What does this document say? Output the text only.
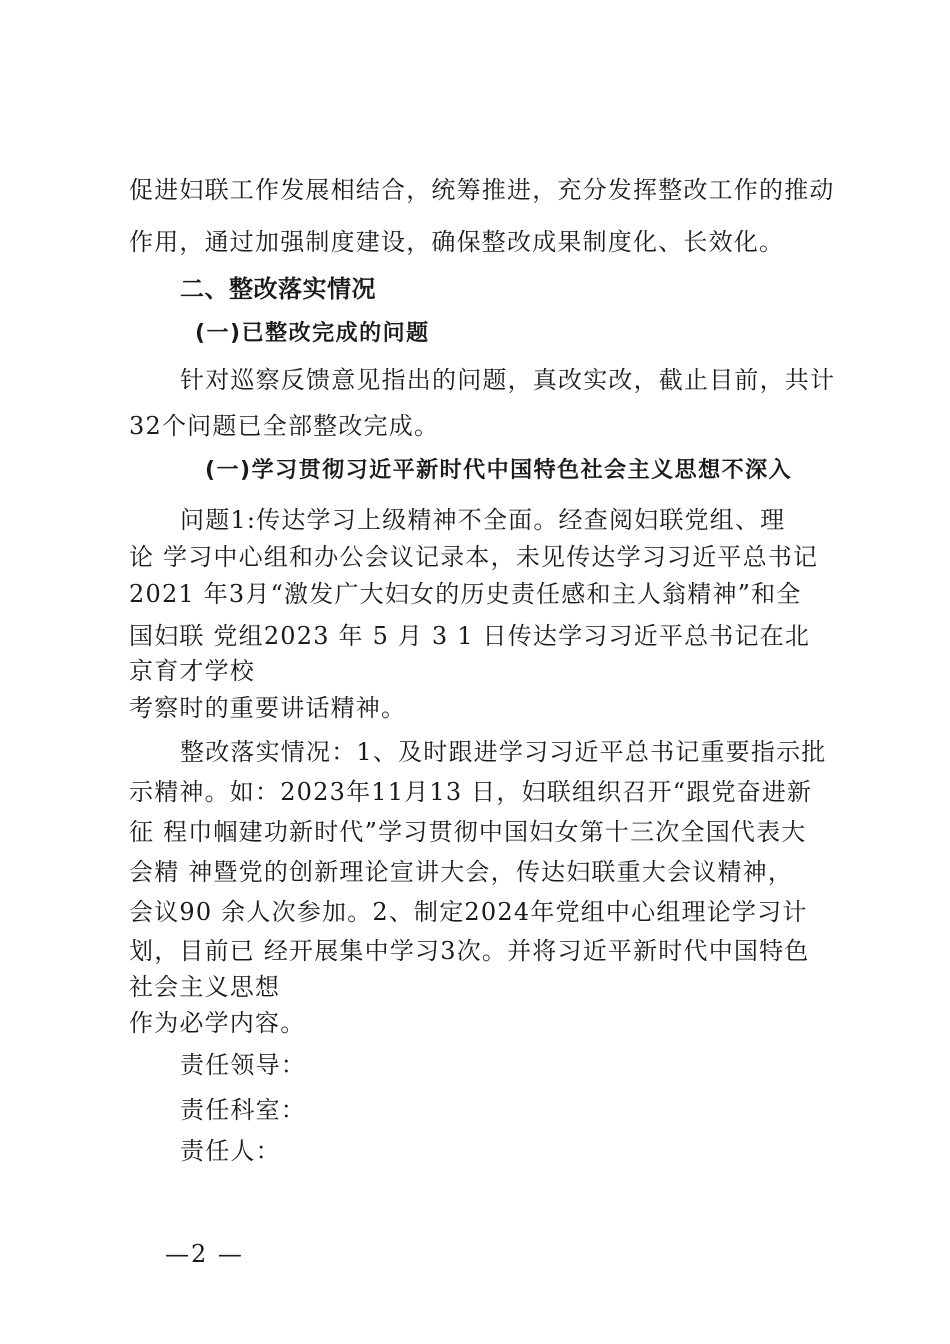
促进妇联工作发展相结合，统筹推进，充分发挥整改工作的推动
作用，通过加强制度建设，确保整改成果制度化、长效化。
二、整改落实情况
(一)已整改完成的问题
针对巡察反馈意见指出的问题，真改实改，截止目前，共计
32个问题已全部整改完成。
(一)学习贯彻习近平新时代中国特色社会主义思想不深入
问题1:传达学习上级精神不全面。经查阅妇联党组、理
论 学习中心组和办公会议记录本，未见传达学习习近平总书记
2021 年3月“激发广大妇女的历史责任感和主人翁精神”和全
国妇联 党组2023 年 5 月 3 1 日传达学习习近平总书记在北
京育才学校
考察时的重要讲话精神。
整改落实情况：1、及时跟进学习习近平总书记重要指示批
示精神。如：2023年11月13 日，妇联组织召开“跟党奋进新
征 程巾帼建功新时代”学习贯彻中国妇女第十三次全国代表大
会精 神暨党的创新理论宣讲大会，传达妇联重大会议精神，
会议90 余人次参加。2、制定2024年党组中心组理论学习计
划，目前已 经开展集中学习3次。并将习近平新时代中国特色
社会主义思想
作为必学内容。
责任领导：
责任科室：
责任人：
—2 —
